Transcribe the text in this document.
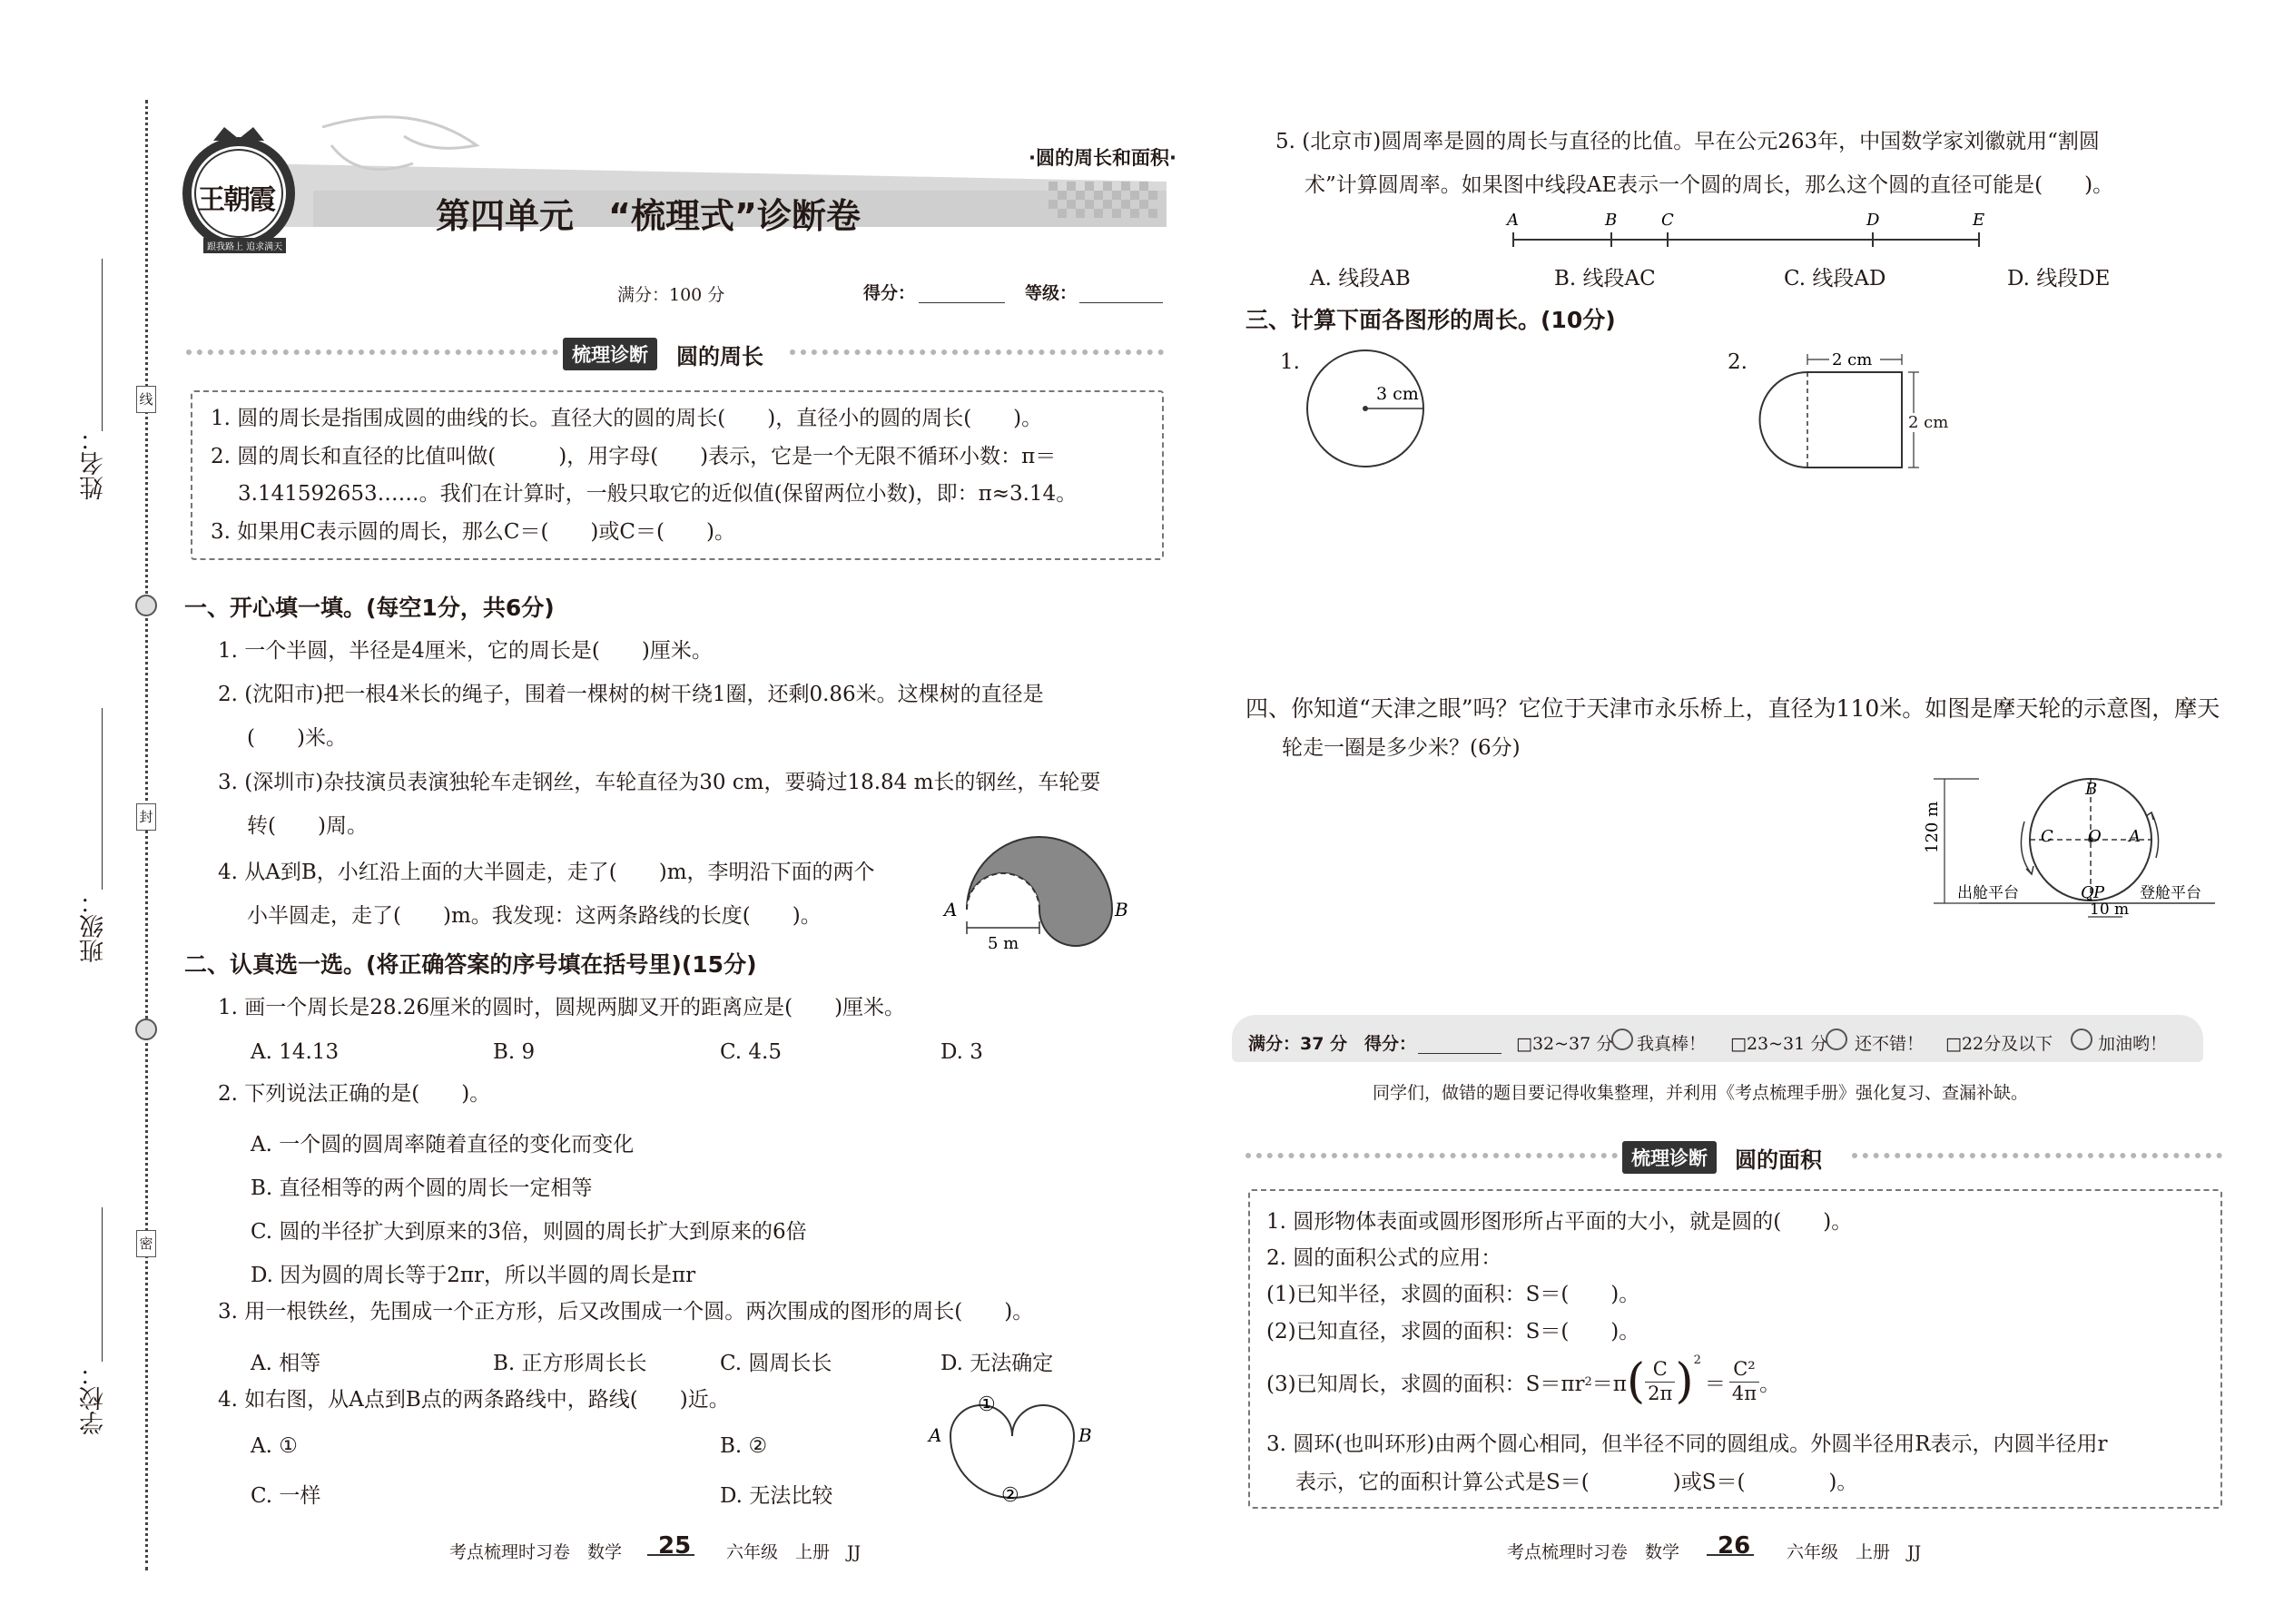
姓名：
班级：
学校：
线
封
密
王朝霞
跟我路上 追求满天
·圆的周长和面积·
第四单元　“梳理式”诊断卷
满分：100 分	得分：	等级：
梳理诊断	圆的周长
1. 圆的周长是指围成圆的曲线的长。直径大的圆的周长(　　)，直径小的圆的周长(　　)。
2. 圆的周长和直径的比值叫做(　　　)，用字母(　　)表示，它是一个无限不循环小数：π＝
3.141592653……。我们在计算时，一般只取它的近似值(保留两位小数)，即：π≈3.14。
3. 如果用C表示圆的周长，那么C＝(　　)或C＝(　　)。
一、开心填一填。(每空1分，共6分)
1. 一个半圆，半径是4厘米，它的周长是(　　)厘米。
2. (沈阳市)把一根4米长的绳子，围着一棵树的树干绕1圈，还剩0.86米。这棵树的直径是
(　　)米。
3. (深圳市)杂技演员表演独轮车走钢丝，车轮直径为30 cm，要骑过18.84 m长的钢丝，车轮要
转(　　)周。
4. 从A到B，小红沿上面的大半圆走，走了(　　)m，李明沿下面的两个
小半圆走，走了(　　)m。我发现：这两条路线的长度(　　)。	A	B
5 m
二、认真选一选。(将正确答案的序号填在括号里)(15分)
1. 画一个周长是28.26厘米的圆时，圆规两脚叉开的距离应是(　　)厘米。
A. 14.13	B. 9	C. 4.5	D. 3
2. 下列说法正确的是(　　)。
A. 一个圆的圆周率随着直径的变化而变化
B. 直径相等的两个圆的周长一定相等
C. 圆的半径扩大到原来的3倍，则圆的周长扩大到原来的6倍
D. 因为圆的周长等于2πr，所以半圆的周长是πr
3. 用一根铁丝，先围成一个正方形，后又改围成一个圆。两次围成的图形的周长(　　)。
A. 相等	B. 正方形周长长	C. 圆周长长	D. 无法确定
4. 如右图，从A点到B点的两条路线中，路线(　　)近。
A. ①	B. ②
C. 一样	D. 无法比较
A	B
①
②
考点梳理时习卷　数学 25 六年级　上册　JJ
5. (北京市)圆周率是圆的周长与直径的比值。早在公元263年，中国数学家刘徽就用“割圆
术”计算圆周率。如果图中线段AE表示一个圆的周长，那么这个圆的直径可能是(　　)。
A	B	C	D	E
A. 线段AB	B. 线段AC	C. 线段AD	D. 线段DE
三、计算下面各图形的周长。(10分)
1.
3 cm
2.	2 cm
2 cm
四、你知道“天津之眼”吗？它位于天津市永乐桥上，直径为110米。如图是摩天轮的示意图，摩天
轮走一圈是多少米？(6分)
120 m
B
C O A
Q P
出舱平台	登舱平台
10 m
满分：37 分 得分：	□32~37 分 我真棒！ □23~31 分 还不错！ □22分及以下	加油哟！
同学们，做错的题目要记得收集整理，并利用《考点梳理手册》强化复习、查漏补缺。
梳理诊断	圆的面积
1. 圆形物体表面或圆形图形所占平面的大小，就是圆的(　　)。
2. 圆的面积公式的应用：
(1)已知半径，求圆的面积：S＝(　　)。
(2)已知直径，求圆的面积：S＝(　　)。
(3)已知周长，求圆的面积：S＝πr 2 ＝π ( $\frac{C}{2\pi} )^2$
＝ $\frac{\text{C²}}{4\pi}$ 。
3. 圆环(也叫环形)由两个圆心相同，但半径不同的圆组成。外圆半径用R表示，内圆半径用r
表示，它的面积计算公式是S＝(　　　　)或S＝(　　　　)。
考点梳理时习卷　数学 26 六年级　上册　JJ
